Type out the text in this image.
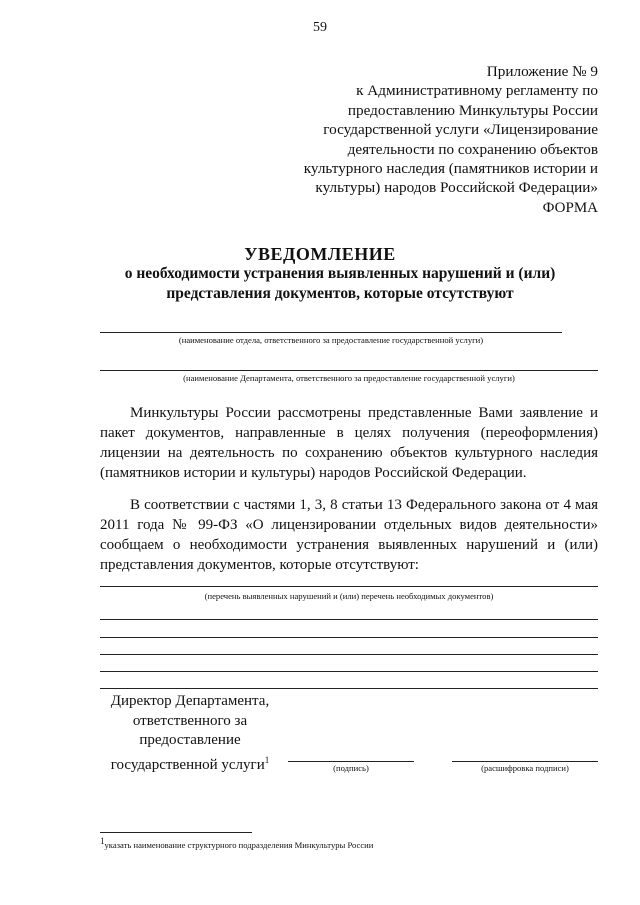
59
Приложение № 9
к Административному регламенту по
предоставлению Минкультуры России
государственной услуги «Лицензирование
деятельности по сохранению объектов
культурного наследия (памятников истории и
культуры) народов Российской Федерации»
ФОРМА
УВЕДОМЛЕНИЕ
о необходимости устранения выявленных нарушений и (или)
представления документов, которые отсутствуют
(наименование отдела, ответственного за предоставление государственной услуги)
(наименование Департамента, ответственного за предоставление государственной услуги)
Минкультуры России рассмотрены представленные Вами заявление и
пакет документов, направленные в целях получения (переоформления)
лицензии на деятельность по сохранению объектов культурного наследия
(памятников истории и культуры) народов Российской Федерации.
В соответствии с частями 1, 3, 8 статьи 13 Федерального закона от 4 мая
2011 года № 99-ФЗ «О лицензировании отдельных видов деятельности»
сообщаем о необходимости устранения выявленных нарушений и (или)
представления документов, которые отсутствуют:
(перечень выявленных нарушений и (или) перечень необходимых документов)
Директор Департамента,
ответственного за
предоставление
государственной услуги$^1$
(подпись)	(расшифровка подписи)
$^1$указать наименование структурного подразделения Минкультуры России
